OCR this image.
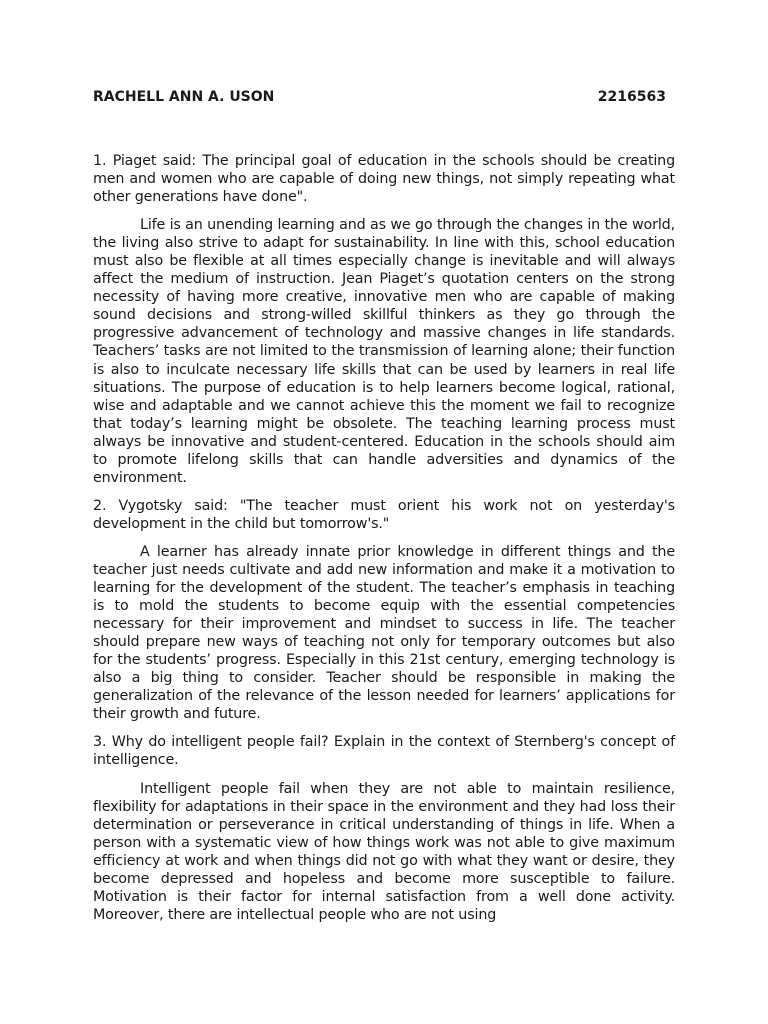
RACHELL ANN A. USON	2216563

1. Piaget said: The principal goal of education in the schools should be creating men and women who are capable of doing new things, not simply repeating what other generations have done".

Life is an unending learning and as we go through the changes in the world, the living also strive to adapt for sustainability. In line with this, school education must also be flexible at all times especially change is inevitable and will always affect the medium of instruction. Jean Piaget’s quotation centers on the strong necessity of having more creative, innovative men who are capable of making sound decisions and strong-willed skillful thinkers as they go through the progressive advancement of technology and massive changes in life standards. Teachers’ tasks are not limited to the transmission of learning alone; their function is also to inculcate necessary life skills that can be used by learners in real life situations. The purpose of education is to help learners become logical, rational, wise and adaptable and we cannot achieve this the moment we fail to recognize that today’s learning might be obsolete. The teaching learning process must always be innovative and student-centered. Education in the schools should aim to promote lifelong skills that can handle adversities and dynamics of the environment.

2. Vygotsky said: "The teacher must orient his work not on yesterday's development in the child but tomorrow's."

A learner has already innate prior knowledge in different things and the teacher just needs cultivate and add new information and make it a motivation to learning for the development of the student. The teacher’s emphasis in teaching is to mold the students to become equip with the essential competencies necessary for their improvement and mindset to success in life. The teacher should prepare new ways of teaching not only for temporary outcomes but also for the students’ progress. Especially in this 21st century, emerging technology is also a big thing to consider. Teacher should be responsible in making the generalization of the relevance of the lesson needed for learners’ applications for their growth and future.

3. Why do intelligent people fail? Explain in the context of Sternberg's concept of intelligence.

Intelligent people fail when they are not able to maintain resilience, flexibility for adaptations in their space in the environment and they had loss their determination or perseverance in critical understanding of things in life. When a person with a systematic view of how things work was not able to give maximum efficiency at work and when things did not go with what they want or desire, they become depressed and hopeless and become more susceptible to failure. Motivation is their factor for internal satisfaction from a well done activity. Moreover, there are intellectual people who are not using
